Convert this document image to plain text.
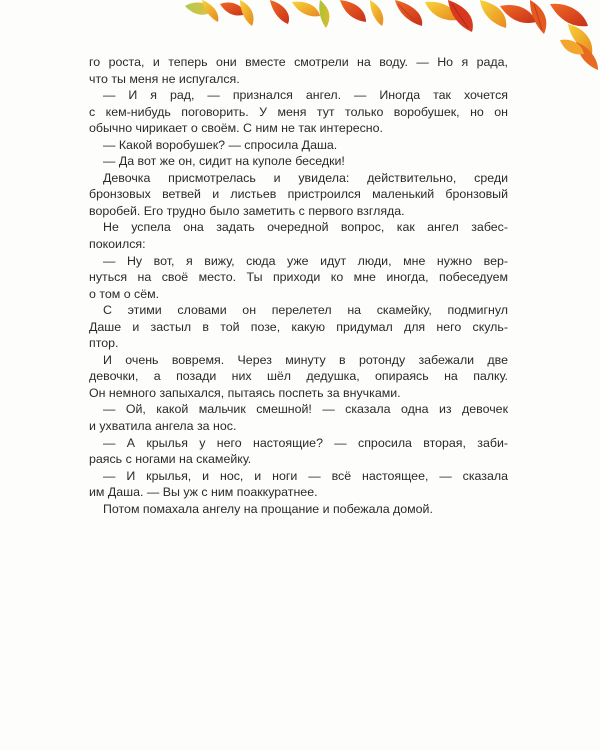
го роста, и теперь они вместе смотрели на воду. — Но я рада,
что ты меня не испугался.
— И я рад, — признался ангел. — Иногда так хочется
с кем-нибудь поговорить. У меня тут только воробушек, но он
обычно чирикает о своём. С ним не так интересно.
— Какой воробушек? — спросила Даша.
— Да вот же он, сидит на куполе беседки!
Девочка присмотрелась и увидела: действительно, среди
бронзовых ветвей и листьев пристроился маленький бронзовый
воробей. Его трудно было заметить с первого взгляда.
Не успела она задать очередной вопрос, как ангел забес-
покоился:
— Ну вот, я вижу, сюда уже идут люди, мне нужно вер-
нуться на своё место. Ты приходи ко мне иногда, побеседуем
о том о сём.
С этими словами он перелетел на скамейку, подмигнул
Даше и застыл в той позе, какую придумал для него скуль-
птор.
И очень вовремя. Через минуту в ротонду забежали две
девочки, а позади них шёл дедушка, опираясь на палку.
Он немного запыхался, пытаясь поспеть за внучками.
— Ой, какой мальчик смешной! — сказала одна из девочек
и ухватила ангела за нос.
— А крылья у него настоящие? — спросила вторая, заби-
раясь с ногами на скамейку.
— И крылья, и нос, и ноги — всё настоящее, — сказала
им Даша. — Вы уж с ним поаккуратнее.
Потом помахала ангелу на прощание и побежала домой.
